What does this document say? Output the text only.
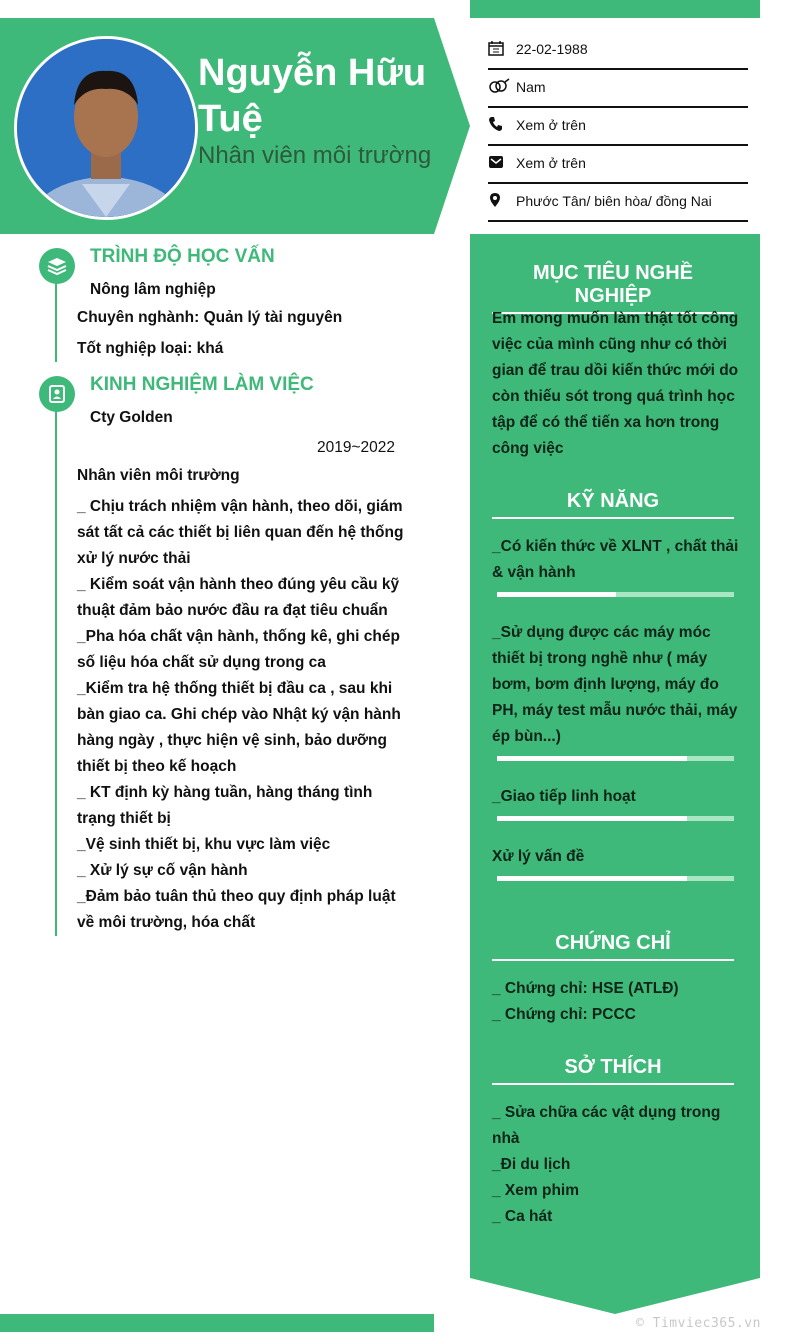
Nguyễn Hữu Tuệ
Nhân viên môi trường
22-02-1988
Nam
Xem ở trên
Xem ở trên
Phước Tân/ biên hòa/ đồng Nai
MỤC TIÊU NGHỀ NGHIỆP
Em mong muốn làm thật tốt công
việc của mình cũng như có thời
gian để trau dồi kiến thức mới do
còn thiếu sót trong quá trình học
tập để có thể tiến xa hơn trong
công việc
KỸ NĂNG
_Có kiến thức về XLNT , chất thải
& vận hành
_Sử dụng được các máy móc
thiết bị trong nghề như ( máy
bơm, bơm định lượng, máy đo
PH, máy test mẫu nước thải, máy
ép bùn...)
_Giao tiếp linh hoạt
Xử lý vấn đề
CHỨNG CHỈ
_ Chứng chỉ: HSE (ATLĐ)
_ Chứng chỉ: PCCC
SỞ THÍCH
_ Sửa chữa các vật dụng trong
nhà
_Đi du lịch
_ Xem phim
_ Ca hát
TRÌNH ĐỘ HỌC VẤN
Nông lâm nghiệp
Chuyên nghành: Quản lý tài nguyên
Tốt nghiệp loại: khá
KINH NGHIỆM LÀM VIỆC
Cty Golden
2019~2022
Nhân viên môi trường
_ Chịu trách nhiệm vận hành, theo dõi, giám
sát tất cả các thiết bị liên quan đến hệ thống
xử lý nước thải
_ Kiểm soát vận hành theo đúng yêu cầu kỹ
thuật đảm bảo nước đầu ra đạt tiêu chuẩn
_Pha hóa chất vận hành, thống kê, ghi chép
số liệu hóa chất sử dụng trong ca
_Kiểm tra hệ thống thiết bị đầu ca , sau khi
bàn giao ca. Ghi chép vào Nhật ký vận hành
hàng ngày , thực hiện vệ sinh, bảo dưỡng
thiết bị theo kế hoạch
_ KT định kỳ hàng tuần, hàng tháng tình
trạng thiết bị
_Vệ sinh thiết bị, khu vực làm việc
_ Xử lý sự cố vận hành
_Đảm bảo tuân thủ theo quy định pháp luật
về môi trường, hóa chất
© Timviec365.vn
